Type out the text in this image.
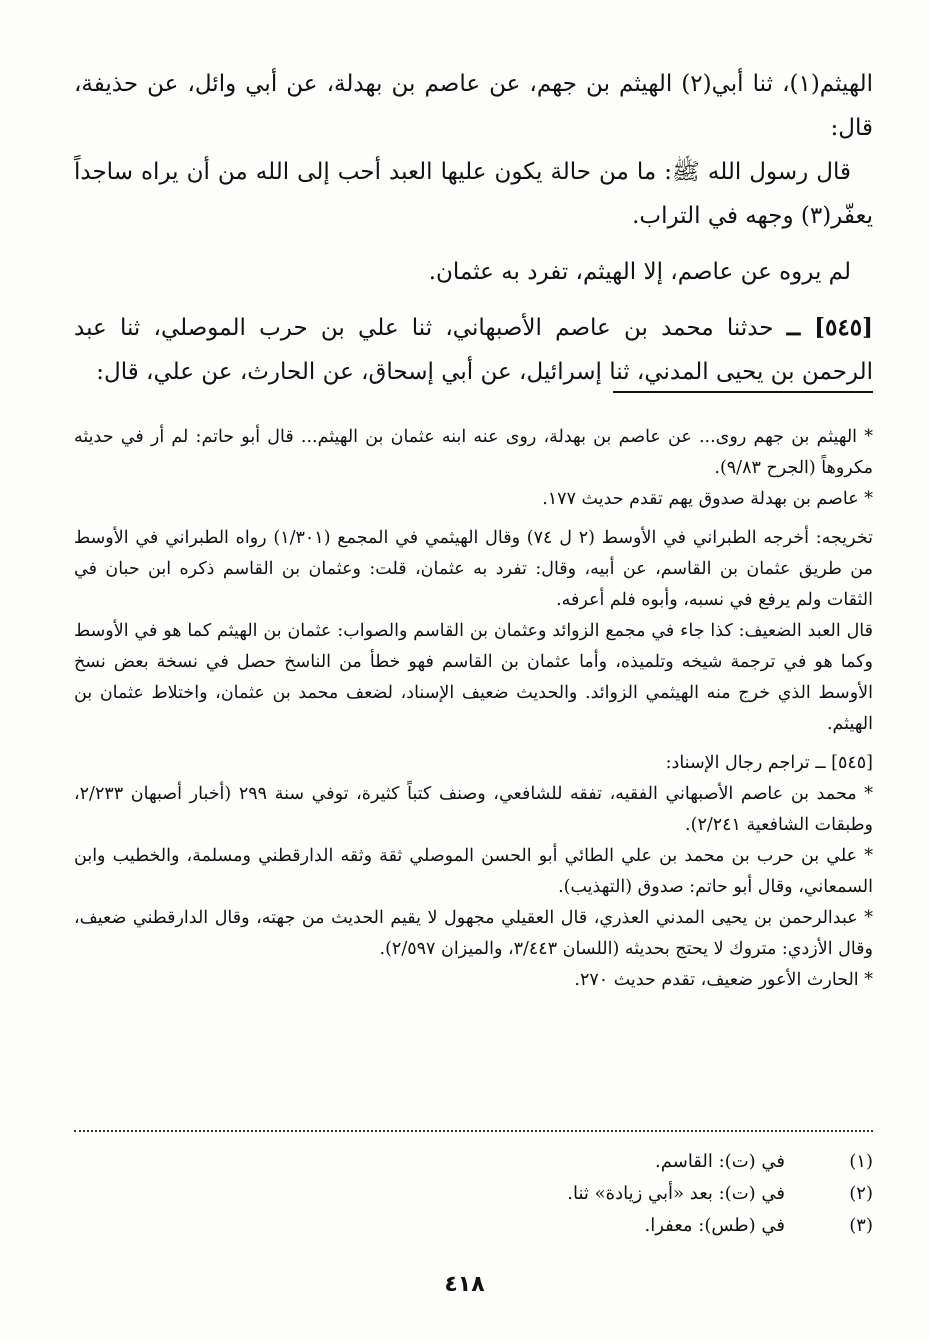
الهيثم(١)، ثنا أبي(٢) الهيثم بن جهم، عن عاصم بن بهدلة، عن أبي وائل، عن حذيفة، قال:

قال رسول الله ﷺ: ما من حالة يكون عليها العبد أحب إلى الله من أن يراه ساجداً يعفّر(٣) وجهه في التراب.

لم يروه عن عاصم، إلا الهيثم، تفرد به عثمان.

[٥٤٥] ــ حدثنا محمد بن عاصم الأصبهاني، ثنا علي بن حرب الموصلي، ثنا عبد الرحمن بن يحيى المدني، ثنا إسرائيل، عن أبي إسحاق، عن الحارث، عن علي، قال:

* الهيثم بن جهم روى... عن عاصم بن بهدلة، روى عنه ابنه عثمان بن الهيثم... قال أبو حاتم: لم أر في حديثه مكروهاً (الجرح ٩/٨٣).

* عاصم بن بهدلة صدوق يهم تقدم حديث ١٧٧.

تخريجه: أخرجه الطبراني في الأوسط (٢ ل ٧٤) وقال الهيثمي في المجمع (١/٣٠١) رواه الطبراني في الأوسط من طريق عثمان بن القاسم، عن أبيه، وقال: تفرد به عثمان، قلت: وعثمان بن القاسم ذكره ابن حبان في الثقات ولم يرفع في نسبه، وأبوه فلم أعرفه.

قال العبد الضعيف: كذا جاء في مجمع الزوائد وعثمان بن القاسم والصواب: عثمان بن الهيثم كما هو في الأوسط وكما هو في ترجمة شيخه وتلميذه، وأما عثمان بن القاسم فهو خطأ من الناسخ حصل في نسخة بعض نسخ الأوسط الذي خرج منه الهيثمي الزوائد. والحديث ضعيف الإسناد، لضعف محمد بن عثمان، واختلاط عثمان بن الهيثم.

[٥٤٥] ــ تراجم رجال الإسناد:

* محمد بن عاصم الأصبهاني الفقيه، تفقه للشافعي، وصنف كتباً كثيرة، توفي سنة ٢٩٩ (أخبار أصبهان ٢/٢٣٣، وطبقات الشافعية ٢/٢٤١).

* علي بن حرب بن محمد بن علي الطائي أبو الحسن الموصلي ثقة وثقه الدارقطني ومسلمة، والخطيب وابن السمعاني، وقال أبو حاتم: صدوق (التهذيب).

* عبدالرحمن بن يحيى المدني العذري، قال العقيلي مجهول لا يقيم الحديث من جهته، وقال الدارقطني ضعيف، وقال الأزدي: متروك لا يحتج بحديثه (اللسان ٣/٤٤٣، والميزان ٢/٥٩٧).

* الحارث الأعور ضعيف، تقدم حديث ٢٧٠.

(١)
في (ت): القاسم.
(٢)
في (ت): بعد «أبي زيادة» ثنا.
(٣)
في (طس): معفرا.
٤١٨
